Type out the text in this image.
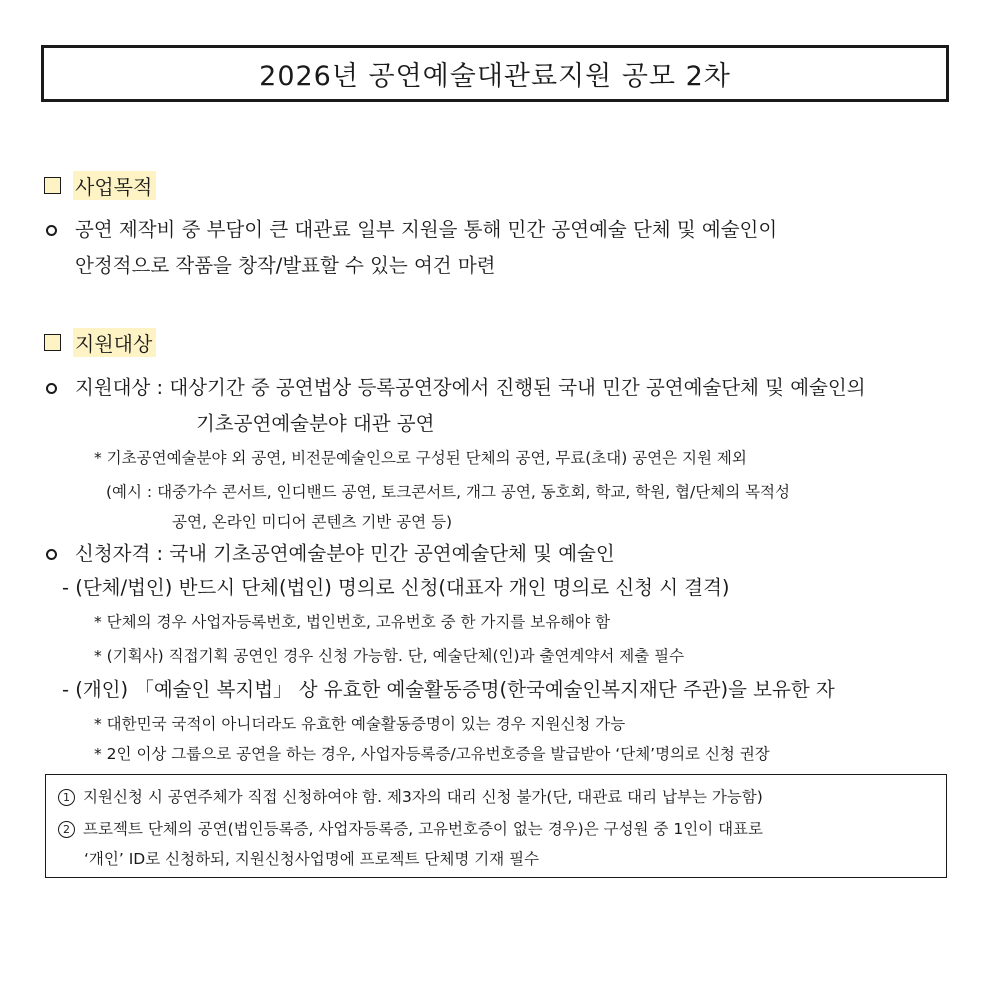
2026년 공연예술대관료지원 공모 2차
사업목적
공연 제작비 중 부담이 큰 대관료 일부 지원을 통해 민간 공연예술 단체 및 예술인이
안정적으로 작품을 창작/발표할 수 있는 여건 마련
지원대상
지원대상 : 대상기간 중 공연법상 등록공연장에서 진행된 국내 민간 공연예술단체 및 예술인의
기초공연예술분야 대관 공연
* 기초공연예술분야 외 공연, 비전문예술인으로 구성된 단체의 공연, 무료(초대) 공연은 지원 제외
(예시 : 대중가수 콘서트, 인디밴드 공연, 토크콘서트, 개그 공연, 동호회, 학교, 학원, 협/단체의 목적성
공연, 온라인 미디어 콘텐츠 기반 공연 등)
신청자격 : 국내 기초공연예술분야 민간 공연예술단체 및 예술인
- (단체/법인) 반드시 단체(법인) 명의로 신청(대표자 개인 명의로 신청 시 결격)
* 단체의 경우 사업자등록번호, 법인번호, 고유번호 중 한 가지를 보유해야 함
* (기획사) 직접기획 공연인 경우 신청 가능함. 단, 예술단체(인)과 출연계약서 제출 필수
- (개인) 「예술인 복지법」 상 유효한 예술활동증명(한국예술인복지재단 주관)을 보유한 자
* 대한민국 국적이 아니더라도 유효한 예술활동증명이 있는 경우 지원신청 가능
* 2인 이상 그룹으로 공연을 하는 경우, 사업자등록증/고유번호증을 발급받아 ‘단체’명의로 신청 권장
1 지원신청 시 공연주체가 직접 신청하여야 함. 제3자의 대리 신청 불가(단, 대관료 대리 납부는 가능함)
2 프로젝트 단체의 공연(법인등록증, 사업자등록증, 고유번호증이 없는 경우)은 구성원 중 1인이 대표로
‘개인’ ID로 신청하되, 지원신청사업명에 프로젝트 단체명 기재 필수
